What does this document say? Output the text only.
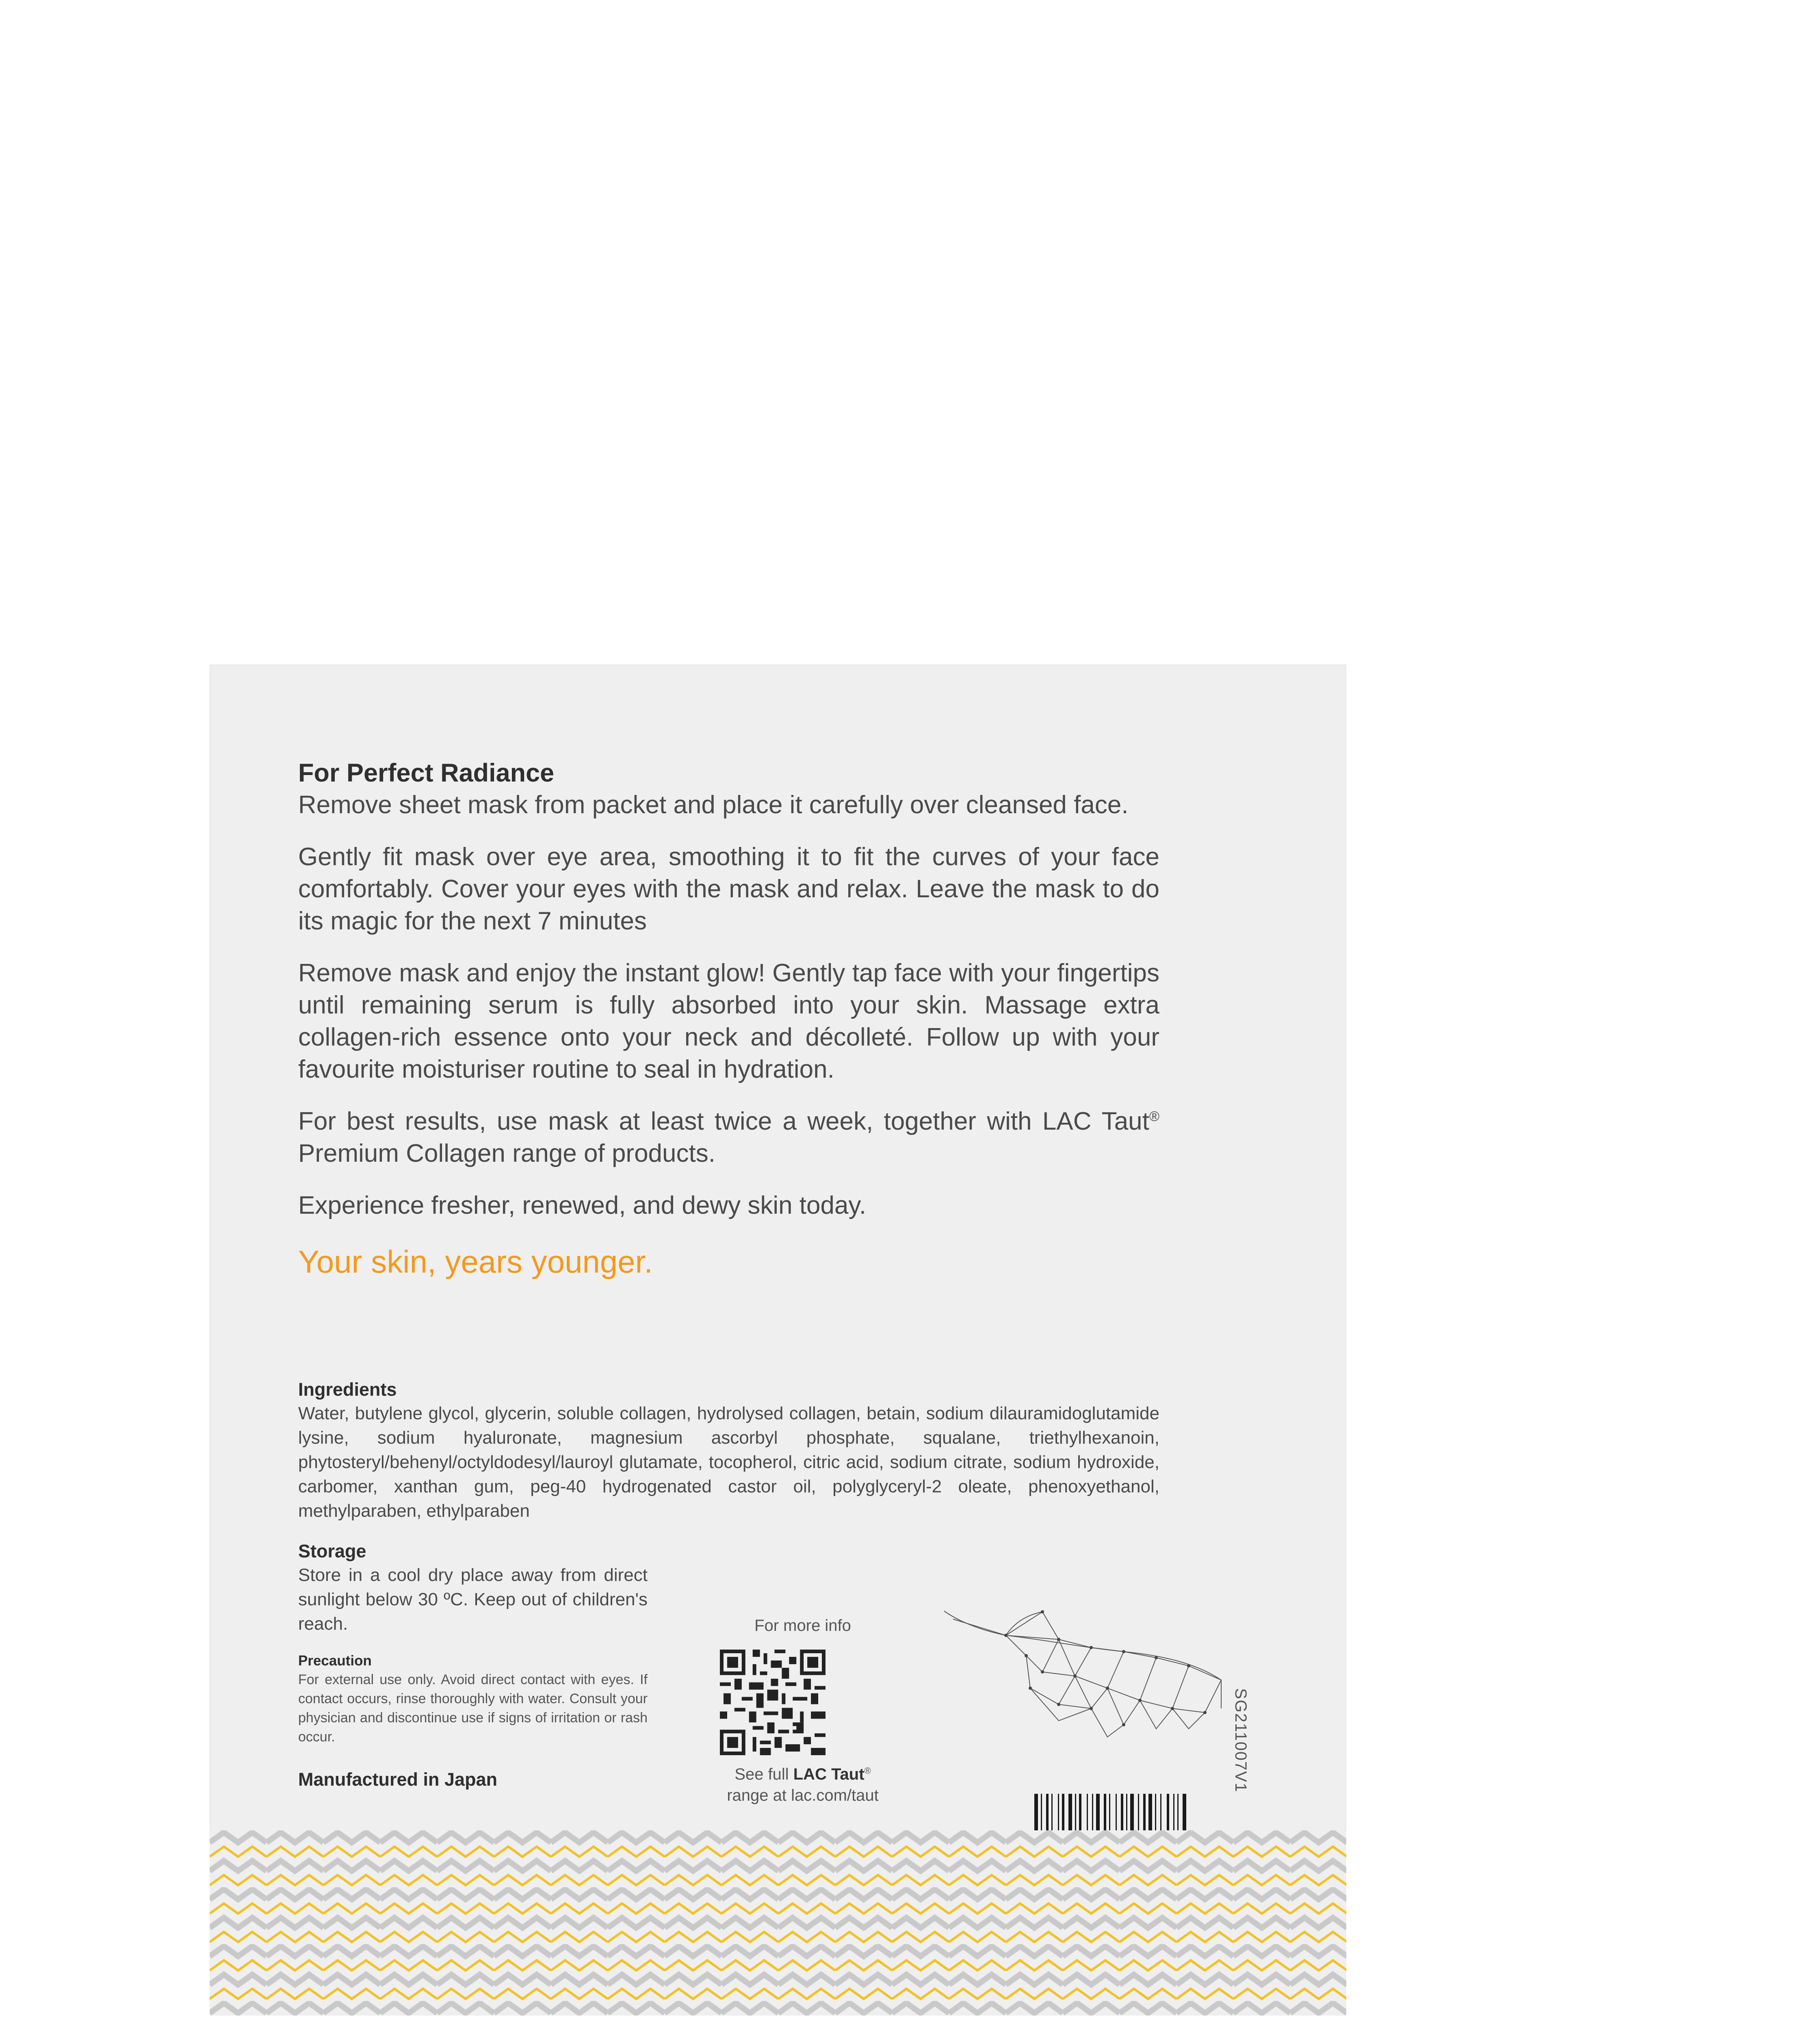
For Perfect Radiance

Remove sheet mask from packet and place it carefully over cleansed face.

Gently fit mask over eye area, smoothing it to fit the curves of your face comfortably. Cover your eyes with the mask and relax. Leave the mask to do its magic for the next 7 minutes

Remove mask and enjoy the instant glow! Gently tap face with your fingertips until remaining serum is fully absorbed into your skin. Massage extra collagen-rich essence onto your neck and décolleté. Follow up with your favourite moisturiser routine to seal in hydration.

For best results, use mask at least twice a week, together with LAC Taut® Premium Collagen range of products.

Experience fresher, renewed, and dewy skin today.

Your skin, years younger.

Ingredients

Water, butylene glycol, glycerin, soluble collagen, hydrolysed collagen, betain, sodium dilauramidoglutamide lysine, sodium hyaluronate, magnesium ascorbyl phosphate, squalane, triethylhexanoin, phytosteryl/behenyl/octyldodesyl/lauroyl glutamate, tocopherol, citric acid, sodium citrate, sodium hydroxide, carbomer, xanthan gum, peg-40 hydrogenated castor oil, polyglyceryl-2 oleate, phenoxyethanol, methylparaben, ethylparaben

Storage

Store in a cool dry place away from direct sunlight below 30 ºC. Keep out of children's reach.

Precaution

For external use only. Avoid direct contact with eyes. If contact occurs, rinse thoroughly with water. Consult your physician and discontinue use if signs of irritation or rash occur.

Manufactured in Japan

For more info
See full LAC Taut®
range at lac.com/taut
SG211007V1
